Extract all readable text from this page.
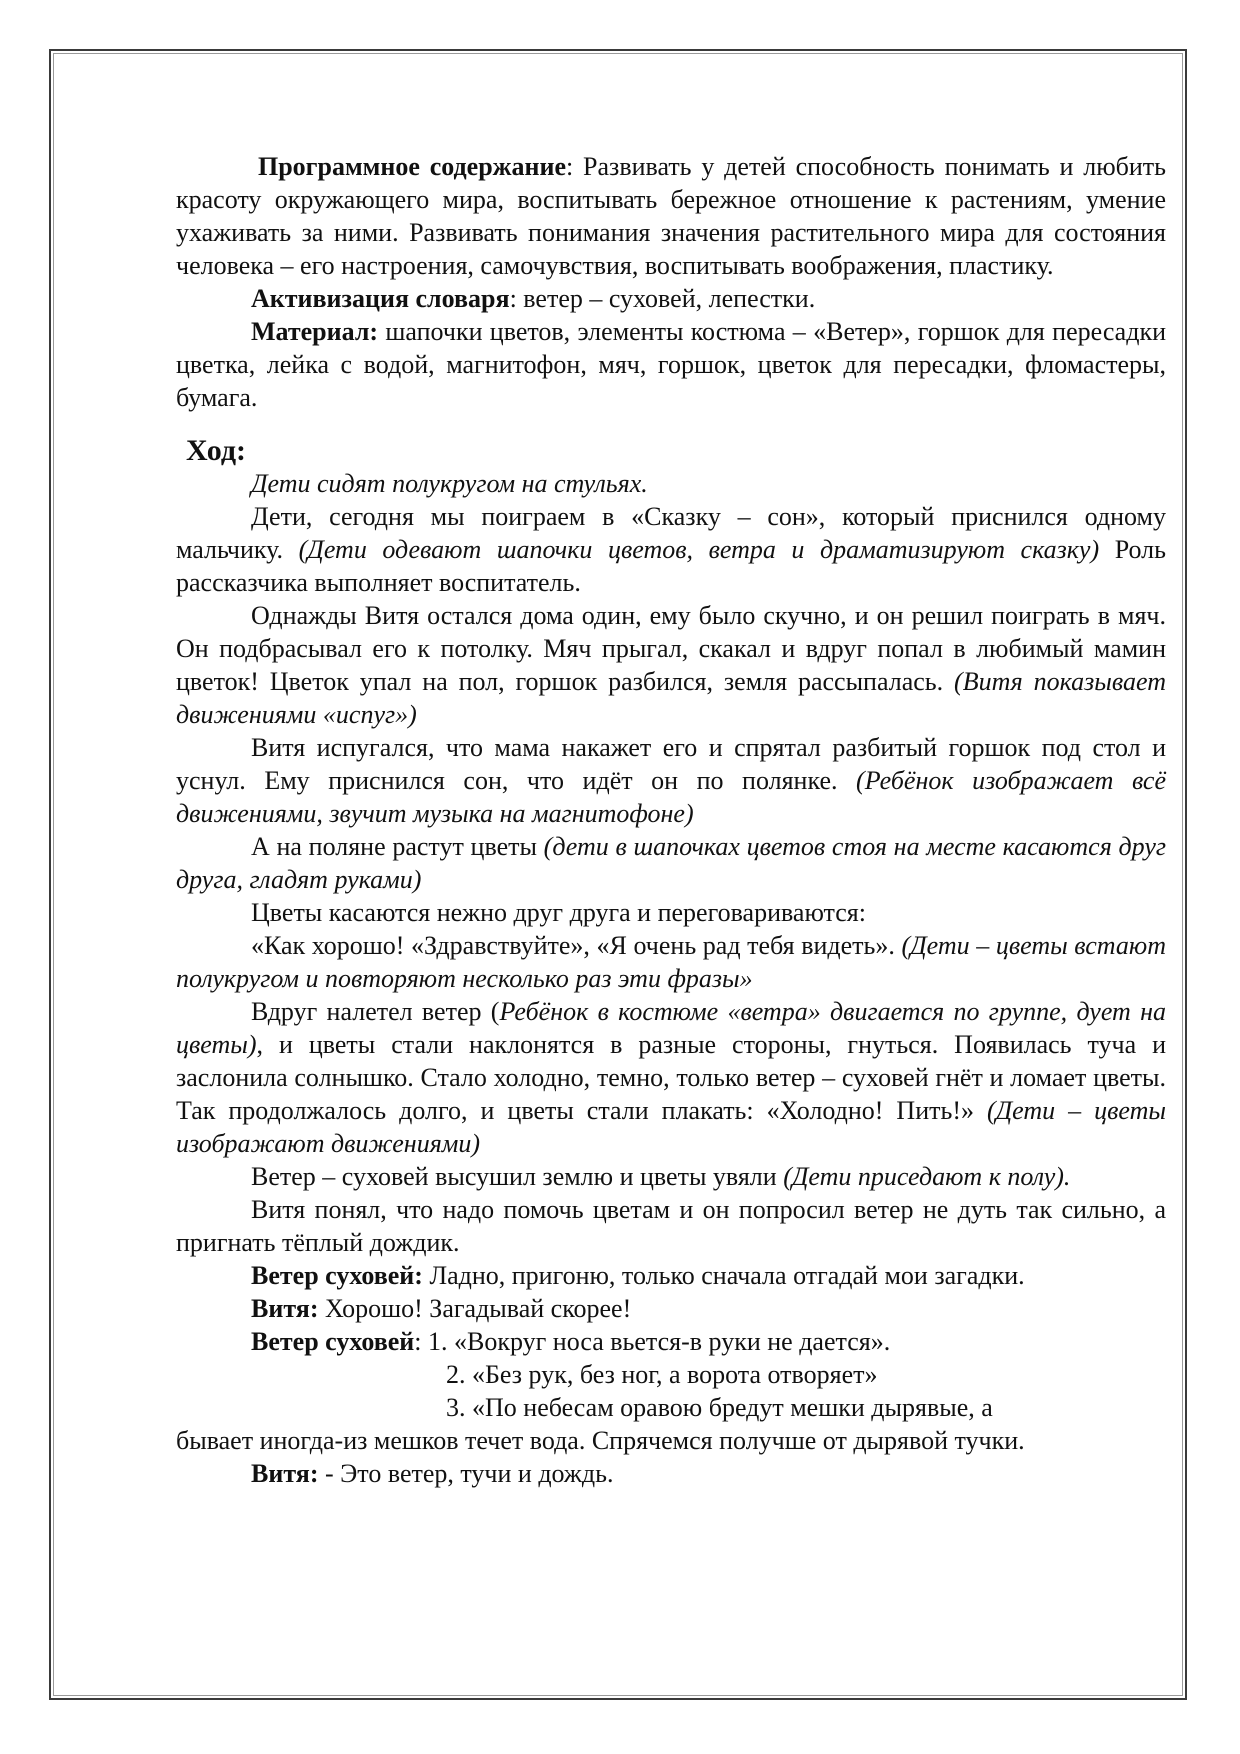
Программное содержание: Развивать у детей способность понимать и любить красоту окружающего мира, воспитывать бережное отношение к растениям, умение ухаживать за ними. Развивать понимания значения растительного мира для состояния человека – его настроения, самочувствия, воспитывать воображения, пластику.

Активизация словаря: ветер – суховей, лепестки.

Материал: шапочки цветов, элементы костюма – «Ветер», горшок для пересадки цветка, лейка с водой, магнитофон, мяч, горшок, цветок для пересадки, фломастеры, бумага.

Ход:

Дети сидят полукругом на стульях.

Дети, сегодня мы поиграем в «Сказку – сон», который приснился одному мальчику. (Дети одевают шапочки цветов, ветра и драматизируют сказку) Роль рассказчика выполняет воспитатель.

Однажды Витя остался дома один, ему было скучно, и он решил поиграть в мяч. Он подбрасывал его к потолку. Мяч прыгал, скакал и вдруг попал в любимый мамин цветок! Цветок упал на пол, горшок разбился, земля рассыпалась. (Витя показывает движениями «испуг»)

Витя испугался, что мама накажет его и спрятал разбитый горшок под стол и уснул. Ему приснился сон, что идёт он по полянке. (Ребёнок изображает всё движениями, звучит музыка на магнитофоне)

А на поляне растут цветы (дети в шапочках цветов стоя на месте касаются друг друга, гладят руками)

Цветы касаются нежно друг друга и переговариваются:

«Как хорошо! «Здравствуйте», «Я очень рад тебя видеть». (Дети – цветы встают полукругом и повторяют несколько раз эти фразы»

Вдруг налетел ветер (Ребёнок в костюме «ветра» двигается по группе, дует на цветы), и цветы стали наклонятся в разные стороны, гнуться. Появилась туча и заслонила солнышко. Стало холодно, темно, только ветер – суховей гнёт и ломает цветы. Так продолжалось долго, и цветы стали плакать: «Холодно! Пить!» (Дети – цветы изображают движениями)

Ветер – суховей высушил землю и цветы увяли (Дети приседают к полу).

Витя понял, что надо помочь цветам и он попросил ветер не дуть так сильно, а пригнать тёплый дождик.

Ветер суховей: Ладно, пригоню, только сначала отгадай мои загадки.

Витя: Хорошо! Загадывай скорее!

Ветер суховей: 1. «Вокруг носа вьется-в руки не дается».

2. «Без рук, без ног, а ворота отворяет»

3. «По небесам оравою бредут мешки дырявые, а

бывает иногда-из мешков течет вода. Спрячемся получше от дырявой тучки.

Витя: - Это ветер, тучи и дождь.
